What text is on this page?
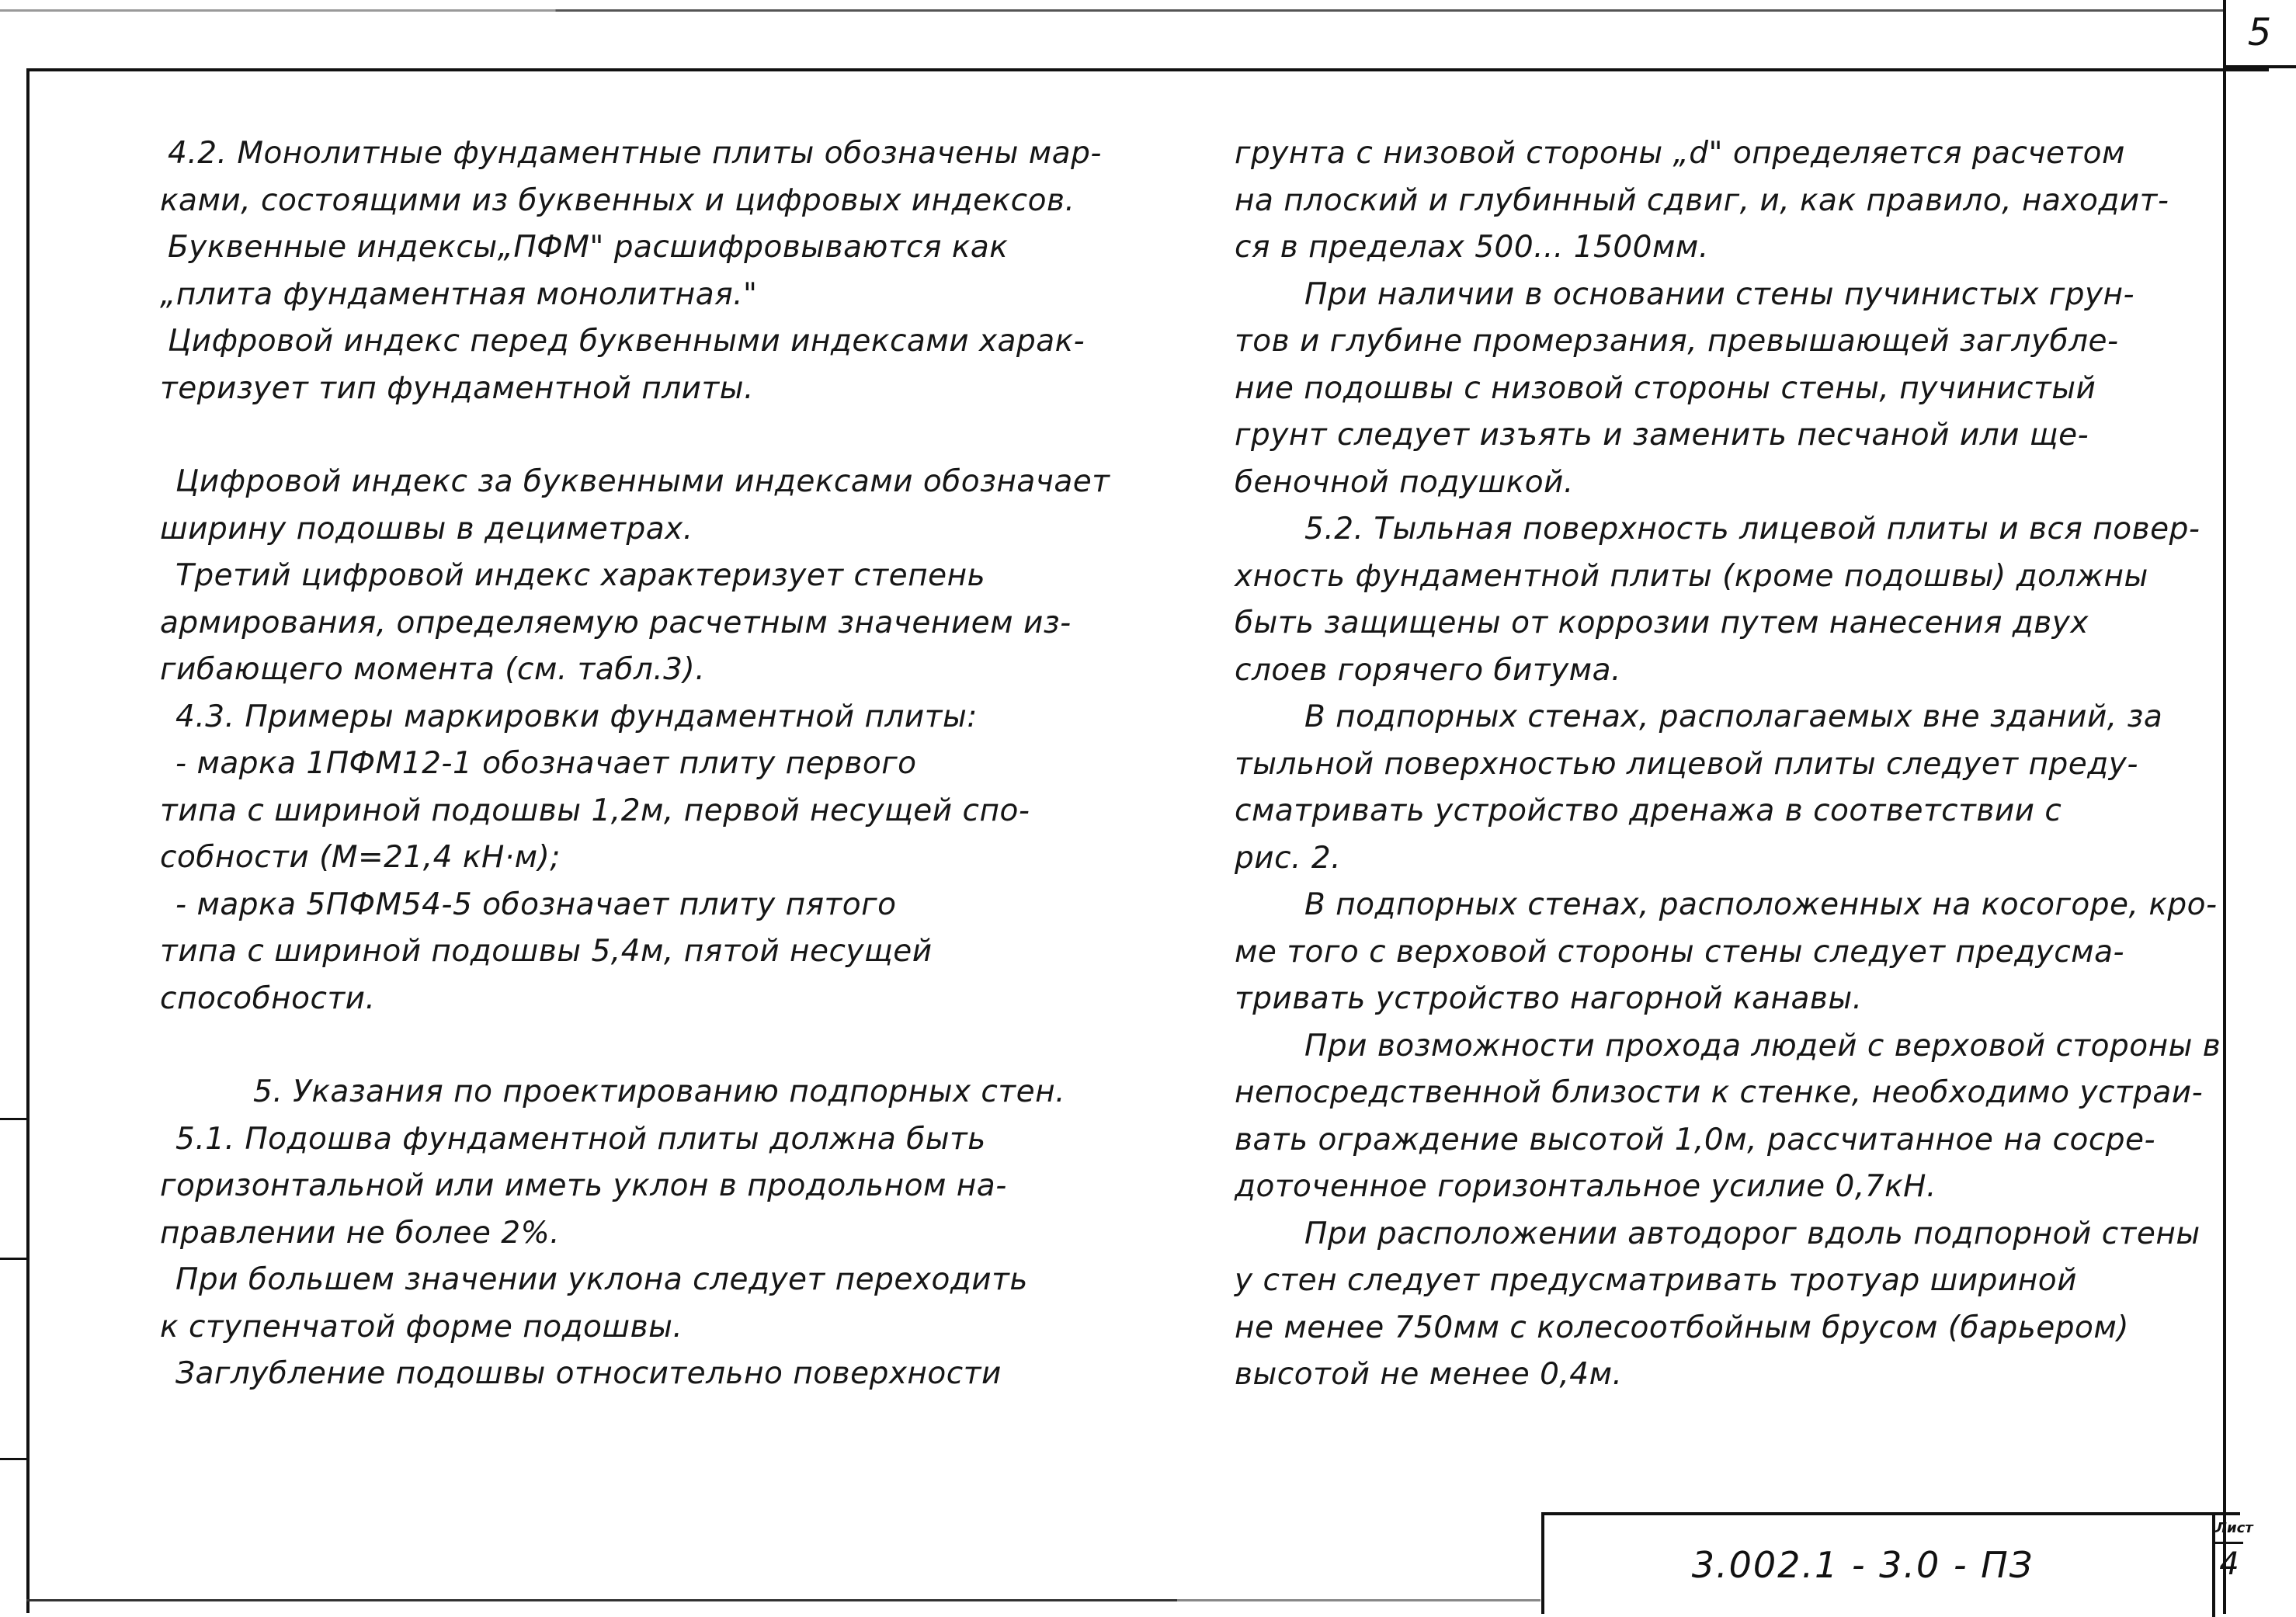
5
4.2. Монолитные фундаментные плиты обозначены мар-
ками, состоящими из буквенных и цифровых индексов.
Буквенные индексы„ПФМ" расшифровываются как
„плита фундаментная монолитная."
Цифровой индекс перед буквенными индексами харак-
теризует тип фундаментной плиты.
Цифровой индекс за буквенными индексами обозначает
ширину подошвы в дециметрах.
Третий цифровой индекс характеризует степень
армирования, определяемую расчетным значением из-
гибающего момента (см. табл.3).
4.3. Примеры маркировки фундаментной плиты:
- марка 1ПФМ12-1 обозначает плиту первого
типа с шириной подошвы 1,2м, первой несущей спо-
собности (М=21,4 кН·м);
- марка 5ПФМ54-5 обозначает плиту пятого
типа с шириной подошвы 5,4м, пятой несущей
способности.
5. Указания по проектированию подпорных стен.
5.1. Подошва фундаментной плиты должна быть
горизонтальной или иметь уклон в продольном на-
правлении не более 2%.
При большем значении уклона следует переходить
к ступенчатой форме подошвы.
Заглубление подошвы относительно поверхности
грунта с низовой стороны „d" определяется расчетом
на плоский и глубинный сдвиг, и, как правило, находит-
ся в пределах 500... 1500мм.
При наличии в основании стены пучинистых грун-
тов и глубине промерзания, превышающей заглубле-
ние подошвы с низовой стороны стены, пучинистый
грунт следует изъять и заменить песчаной или ще-
беночной подушкой.
5.2. Тыльная поверхность лицевой плиты и вся повер-
хность фундаментной плиты (кроме подошвы) должны
быть защищены от коррозии путем нанесения двух
слоев горячего битума.
В подпорных стенах, располагаемых вне зданий, за
тыльной поверхностью лицевой плиты следует преду-
сматривать устройство дренажа в соответствии с
рис. 2.
В подпорных стенах, расположенных на косогоре, кро-
ме того с верховой стороны стены следует предуcма-
тривать устройство нагорной канавы.
При возможности прохода людей с верховой стороны в
непосредственной близости к стенке, необходимо устраи-
вать ограждение высотой 1,0м, рассчитанное на сосре-
доточенное горизонтальное усилие 0,7кН.
При расположении автодорог вдоль подпорной стены
у стен следует предусматривать тротуар шириной
не менее 750мм с колесоотбойным брусом (барьером)
высотой не менее 0,4м.
3.002.1 - 3.0 - ПЗ
Лист
4
